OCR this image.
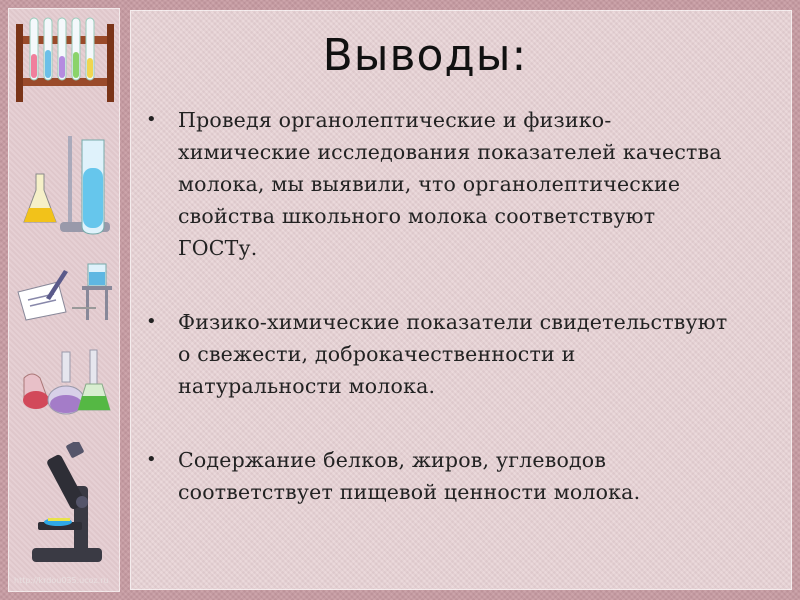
Выводы:
• Проведя органолептические и физико-химические исследования показателей качества молока, мы выявили, что органолептические свойства школьного молока соответствуют ГОСТу.
• Физико-химические показатели свидетельствуют о свежести, доброкачественности и натуральности молока.
• Содержание белков, жиров, углеводов соответствует пищевой ценности молока.
http://krdou035.ucoz.ru
